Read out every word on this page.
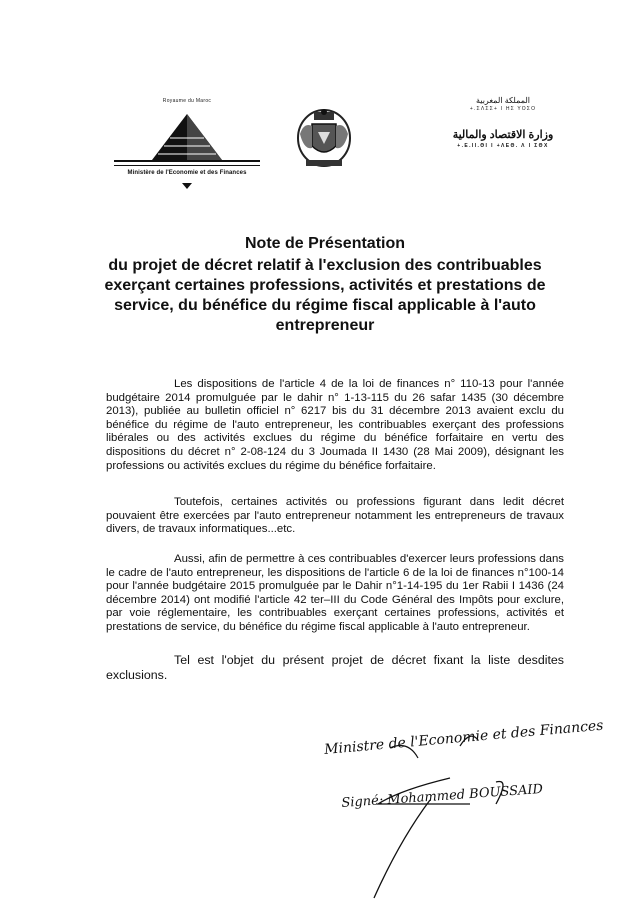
Royaume du Maroc
Ministère de l'Economie et des Finances
المملكة المغربية
+.ΣΛΣΣ+ I ΗΣ ΥΟΣΟ
وزارة الاقتصاد والمالية
+.Ε.ΙΙ.ΘΙ I +ΛΕΘ. Λ I ΣΘΧ
Note de Présentation
du projet de décret relatif à l'exclusion des contribuables exerçant certaines professions, activités et prestations de service, du bénéfice du régime fiscal applicable à l'auto entrepreneur
Les dispositions de l'article 4 de la loi de finances n° 110-13 pour l'année budgétaire 2014 promulguée par le dahir n° 1-13-115 du 26 safar 1435 (30 décembre 2013), publiée au bulletin officiel n° 6217 bis du 31 décembre 2013 avaient exclu du bénéfice du régime de l'auto entrepreneur, les contribuables exerçant des professions libérales ou des activités exclues du régime du bénéfice forfaitaire en vertu des dispositions du décret n° 2-08-124 du 3 Joumada II 1430 (28 Mai 2009), désignant les professions ou activités exclues du régime du bénéfice forfaitaire.
Toutefois, certaines activités ou professions figurant dans ledit décret pouvaient être exercées par l'auto entrepreneur notamment les entrepreneurs de travaux divers, de travaux informatiques...etc.
Aussi, afin de permettre à ces contribuables d'exercer leurs professions dans le cadre de l'auto entrepreneur, les dispositions de l'article 6 de la loi de finances n°100-14 pour l'année budgétaire 2015 promulguée par le Dahir n°1-14-195 du 1er Rabii I 1436 (24 décembre 2014) ont modifié l'article 42 ter–III du Code Général des Impôts pour exclure, par voie réglementaire, les contribuables exerçant certaines professions, activités et prestations de service, du bénéfice du régime fiscal applicable à l'auto entrepreneur.
Tel est l'objet du présent projet de décret fixant la liste desdites exclusions.
Ministre de l'Economie et des Finances
Signé: Mohammed BOUSSAID
